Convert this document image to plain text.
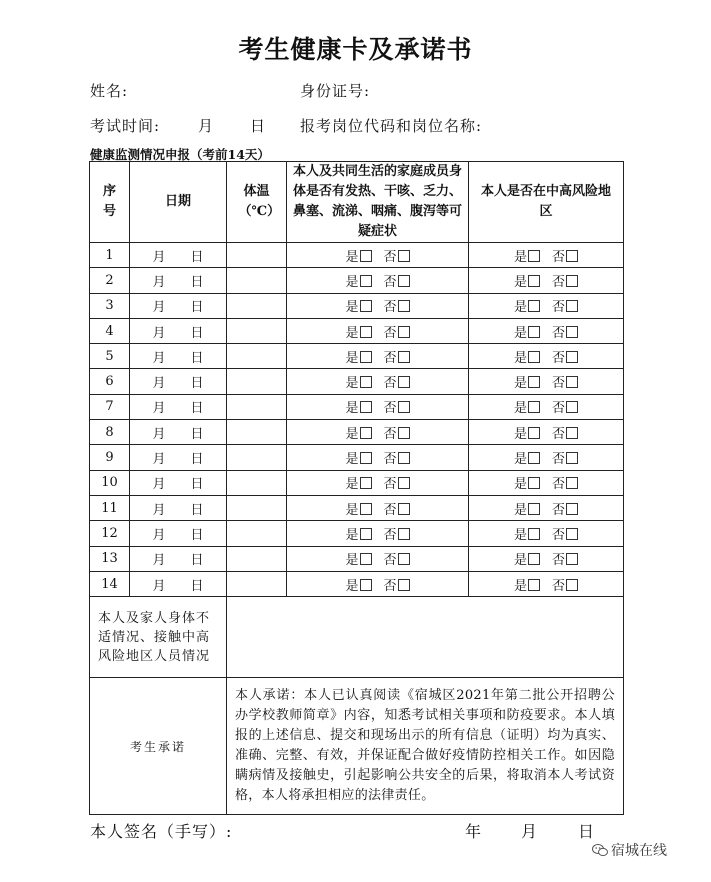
考生健康卡及承诺书
姓名:	身份证号:
考试时间:	月 日 报考岗位代码和岗位名称:
健康监测情况申报（考前14天）
序号	日期	体温（℃）	本人及共同生活的家庭成员身体是否有发热、干咳、乏力、鼻塞、流涕、咽痛、腹泻等可疑症状	本人是否在中高风险地区

1	月 日		是 否	是 否
2	月 日		是 否	是 否
3	月 日		是 否	是 否
4	月 日		是 否	是 否
5	月 日		是 否	是 否
6	月 日		是 否	是 否
7	月 日		是 否	是 否
8	月 日		是 否	是 否
9	月 日		是 否	是 否
10	月 日		是 否	是 否
11	月 日		是 否	是 否
12	月 日		是 否	是 否
13	月 日		是 否	是 否
14	月 日		是 否	是 否
本人及家人身体不适情况、接触中高风险地区人员情况				
考生承诺		本人承诺：本人已认真阅读《宿城区2021年第二批公开招聘公办学校教师简章》内容，知悉考试相关事项和防疫要求。本人填报的上述信息、提交和现场出示的所有信息（证明）均为真实、准确、完整、有效，并保证配合做好疫情防控相关工作。如因隐瞒病情及接触史，引起影响公共安全的后果，将取消本人考试资格，本人将承担相应的法律责任。		
本人签名（手写）:	年 月	日
宿城在线
